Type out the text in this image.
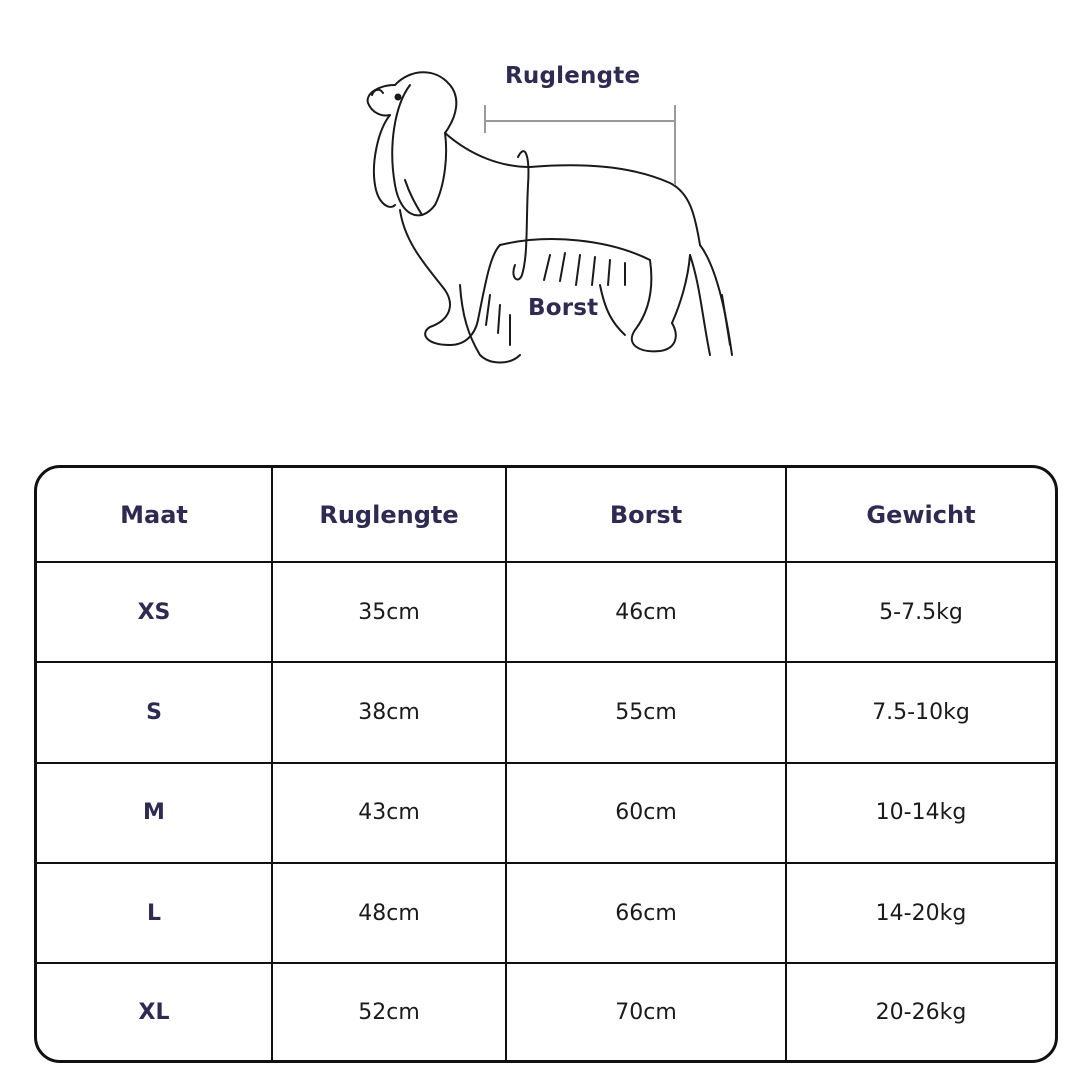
Ruglengte
Borst
Maat	Ruglengte	Borst	Gewicht
XS	35cm	46cm	5-7.5kg
S	38cm	55cm	7.5-10kg
M	43cm	60cm	10-14kg
L	48cm	66cm	14-20kg
XL	52cm	70cm	20-26kg
